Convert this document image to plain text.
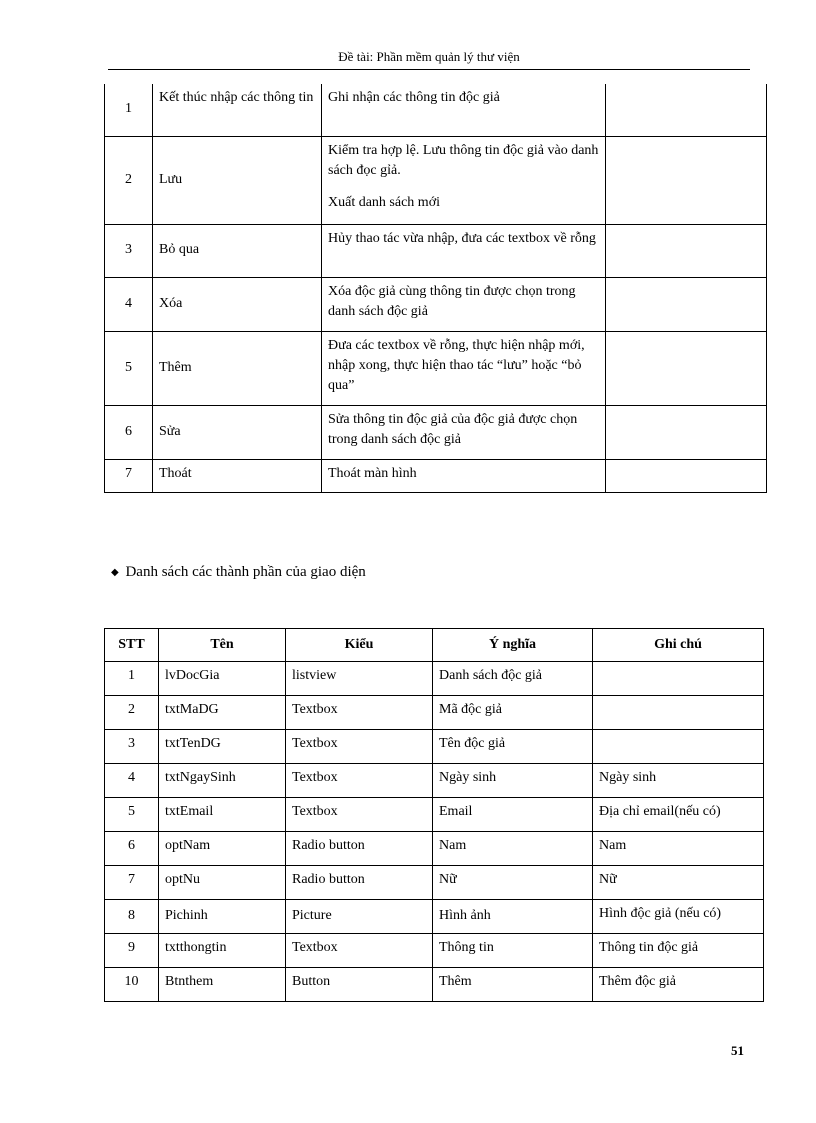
Đề tài: Phần mềm quản lý thư viện
1	Kết thúc nhập các thông tin	Ghi nhận các thông tin độc giả	
2	Lưu	Kiểm tra hợp lệ. Lưu thông tin độc giả vào danh sách đọc gỉả.
Xuất danh sách mới	

3	Bỏ qua	Hủy thao tác vừa nhập, đưa các textbox về rỗng	
4	Xóa	Xóa độc giả cùng thông tin được chọn trong danh sách độc giả	
5	Thêm	Đưa các textbox về rỗng, thực hiện nhập mới, nhập xong, thực hiện thao tác “lưu” hoặc “bỏ qua”	
6	Sửa	Sửa thông tin độc giả của độc giả được chọn trong danh sách độc giả	
7	Thoát	Thoát màn hình	
◆ Danh sách các thành phần của giao diện
STT	Tên	Kiểu	Ý nghĩa	Ghi chú
1	lvDocGia	listview	Danh sách độc giả	
2	txtMaDG	Textbox	Mã độc giả	
3	txtTenDG	Textbox	Tên độc giả	
4	txtNgaySinh	Textbox	Ngày sinh	Ngày sinh
5	txtEmail	Textbox	Email	Địa chỉ email(nếu có)
6	optNam	Radio button	Nam	Nam
7	optNu	Radio button	Nữ	Nữ
8	Pichinh	Picture	Hình ảnh	Hình độc giả (nếu có)
9	txtthongtin	Textbox	Thông tin	Thông tin độc giả
10	Btnthem	Button	Thêm	Thêm độc giả
51
